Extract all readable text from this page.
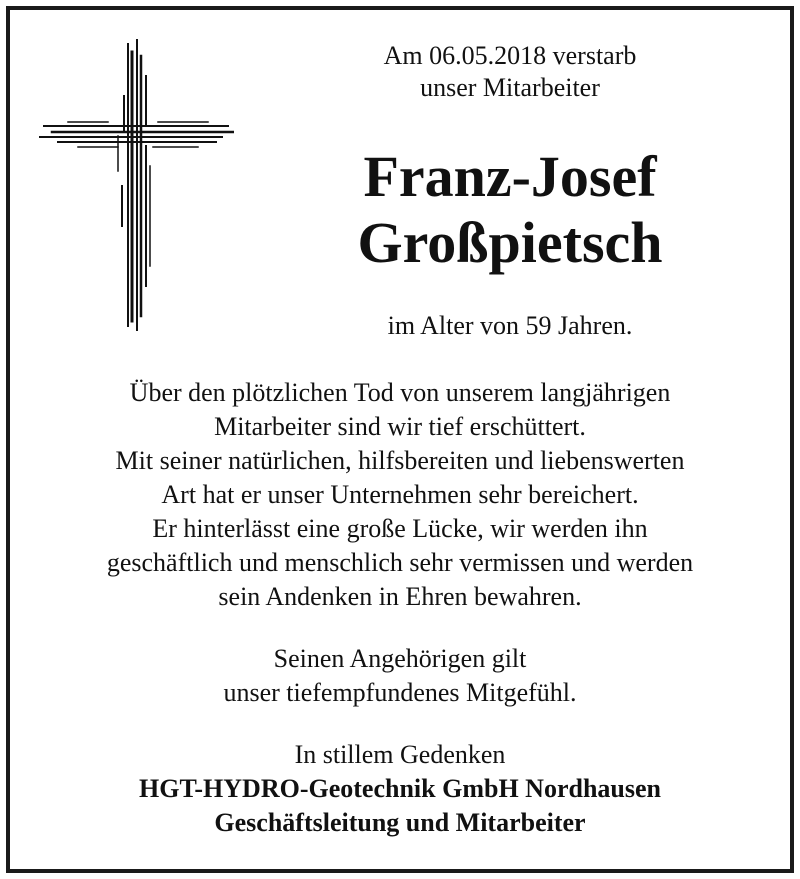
Am 06.05.2018 verstarb
unser Mitarbeiter
Franz-Josef
Großpietsch
im Alter von 59 Jahren.
Über den plötzlichen Tod von unserem langjährigen
Mitarbeiter sind wir tief erschüttert.
Mit seiner natürlichen, hilfsbereiten und liebenswerten
Art hat er unser Unternehmen sehr bereichert.
Er hinterlässt eine große Lücke, wir werden ihn
geschäftlich und menschlich sehr vermissen und werden
sein Andenken in Ehren bewahren.
Seinen Angehörigen gilt
unser tiefempfundenes Mitgefühl.
In stillem Gedenken
HGT-HYDRO-Geotechnik GmbH Nordhausen
Geschäftsleitung und Mitarbeiter
